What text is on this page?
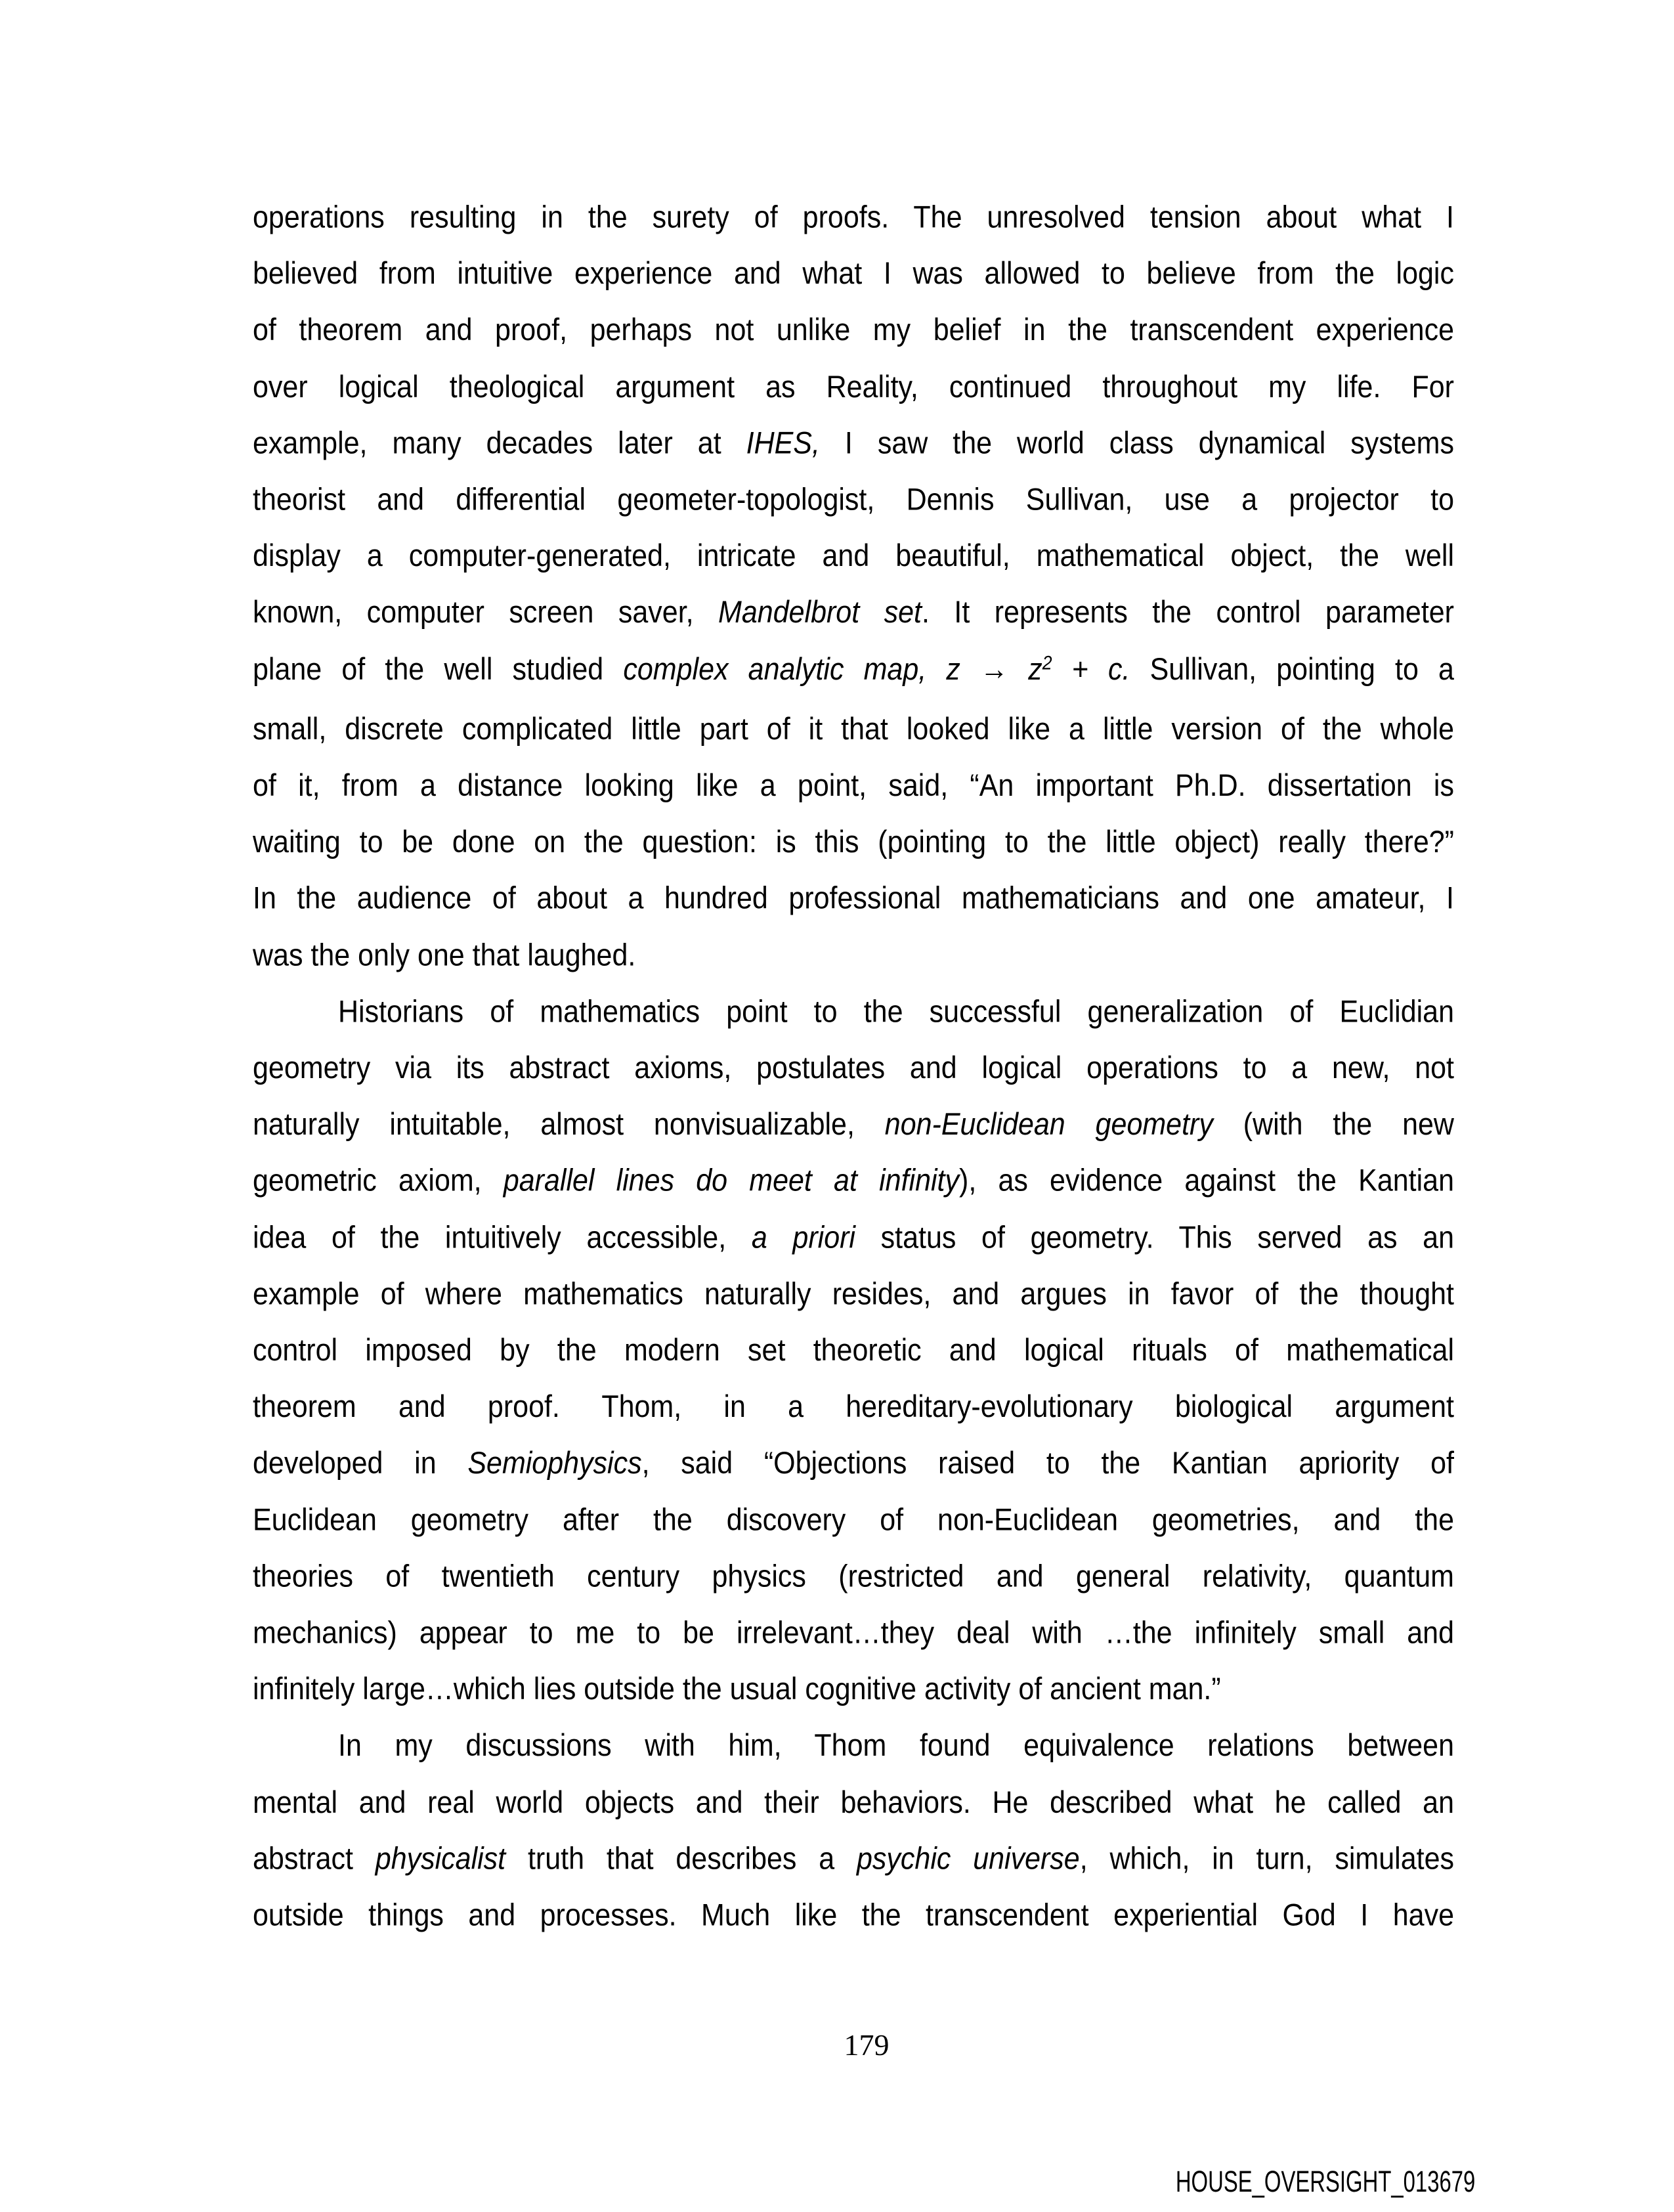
operations resulting in the surety of proofs. The unresolved tension about what I
believed from intuitive experience and what I was allowed to believe from the logic
of theorem and proof, perhaps not unlike my belief in the transcendent experience
over logical theological argument as Reality, continued throughout my life. For
example, many decades later at IHES, I saw the world class dynamical systems
theorist and differential geometer-topologist, Dennis Sullivan, use a projector to
display a computer-generated, intricate and beautiful, mathematical object, the well
known, computer screen saver, Mandelbrot set. It represents the control parameter
plane of the well studied complex analytic map, $z \to z^2 + c$. Sullivan, pointing to a
small, discrete complicated little part of it that looked like a little version of the whole
of it, from a distance looking like a point, said, “An important Ph.D. dissertation is
waiting to be done on the question: is this (pointing to the little object) really there?”
In the audience of about a hundred professional mathematicians and one amateur, I
was the only one that laughed.
Historians of mathematics point to the successful generalization of Euclidian
geometry via its abstract axioms, postulates and logical operations to a new, not
naturally intuitable, almost nonvisualizable, non-Euclidean geometry (with the new
geometric axiom, parallel lines do meet at infinity), as evidence against the Kantian
idea of the intuitively accessible, a priori status of geometry. This served as an
example of where mathematics naturally resides, and argues in favor of the thought
control imposed by the modern set theoretic and logical rituals of mathematical
theorem and proof. Thom, in a hereditary-evolutionary biological argument
developed in Semiophysics, said “Objections raised to the Kantian apriority of
Euclidean geometry after the discovery of non-Euclidean geometries, and the
theories of twentieth century physics (restricted and general relativity, quantum
mechanics) appear to me to be irrelevant…they deal with …the infinitely small and
infinitely large…which lies outside the usual cognitive activity of ancient man.”
In my discussions with him, Thom found equivalence relations between
mental and real world objects and their behaviors. He described what he called an
abstract physicalist truth that describes a psychic universe, which, in turn, simulates
outside things and processes. Much like the transcendent experiential God I have
179
HOUSE_OVERSIGHT_013679
